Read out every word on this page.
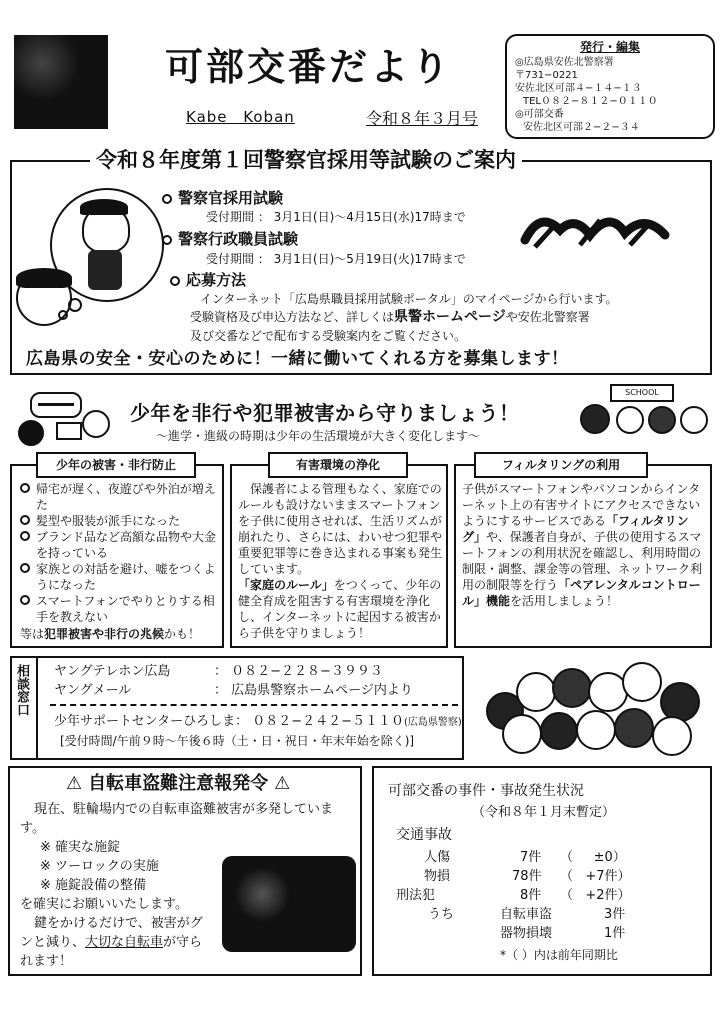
可部交番だより
Kabe Koban	令和８年３月号
発行・編集
◎広島県安佐北警察署
〒731−0221
安佐北区可部４−１４−１３
TEL０８２−８１２−０１１０
◎可部交番
安佐北区可部２−２−３４
令和８年度第１回警察官採用等試験のご案内
警察官採用試験
受付期間 ： 3月1日(日)〜4月15日(水)17時まで
警察行政職員試験
受付期間 ： 3月1日(日)〜5月19日(火)17時まで
応募方法
インターネット「広島県職員採用試験ポータル」のマイページから行います。
受験資格及び申込方法など、詳しくは県警ホームページや安佐北警察署
及び交番などで配布する受験案内をご覧ください。
広島県の安全・安心のために！一緒に働いてくれる方を募集します！
少年を非行や犯罪被害から守りましょう！
〜進学・進級の時期は少年の生活環境が大きく変化します〜
SCHOOL
少年の被害・非行防止
帰宅が遅く、夜遊びや外泊が増えた
髪型や服装が派手になった
ブランド品など高額な品物や大金を持っている
家族との対話を避け、嘘をつくようになった
スマートフォンでやりとりする相手を教えない
等は犯罪被害や非行の兆候かも！
有害環境の浄化
保護者による管理もなく、家庭でのルールも設けないままスマートフォンを子供に使用させれば、生活リズムが崩れたり、さらには、わいせつ犯罪や重要犯罪等に巻き込まれる事案も発生しています。
「家庭のルール」をつくって、少年の健全育成を阻害する有害環境を浄化し、インターネットに起因する被害から子供を守りましょう！
フィルタリングの利用
子供がスマートフォンやパソコンからインターネット上の有害サイトにアクセスできないようにするサービスである「フィルタリング」や、保護者自身が、子供の使用するスマートフォンの利用状況を確認し、利用時間の制限・調整、課金等の管理、ネットワーク利用の制限等を行う「ペアレンタルコントロール」機能を活用しましょう！
相談窓口 ヤングテレホン広島	： ０８２−２２８−３９９３
ヤングメール	： 広島県警察ホームページ内より
少年サポートセンターひろしま： ０８２−２４２−５１１０(広島県警察)
[受付時間/午前９時〜午後６時（土・日・祝日・年末年始を除く)]
⚠ 自転車盗難注意報発令 ⚠
現在、駐輪場内での自転車盗難被害が多発しています。
※ 確実な施錠
※ ツーロックの実施
※ 施錠設備の整備
を確実にお願いいたします。
鍵をかけるだけで、被害がグンと減り、大切な自転車が守られます！
可部交番の事件・事故発生状況
（令和８年１月末暫定）
交通事故
人傷	7件 （     ±0）
物損	78件 （   +7件）
刑法犯	8件 （   +2件）
うち	自転車盗	3件
器物損壊	1件
*（ ）内は前年同期比
